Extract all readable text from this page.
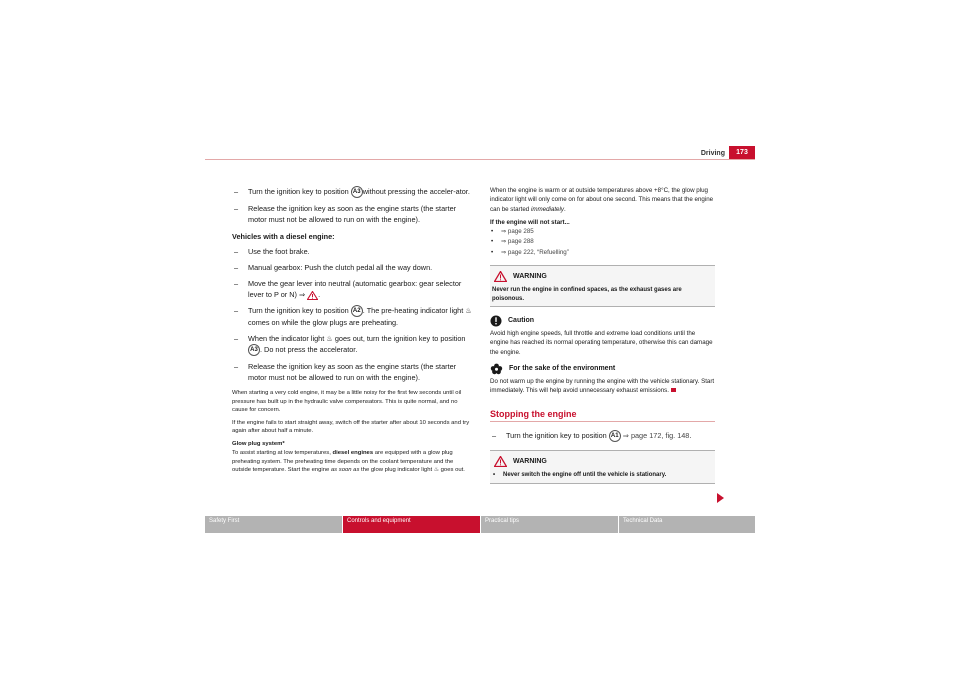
Driving	173
– Turn the ignition key to position A3 without pressing the acceler-ator.
– Release the ignition key as soon as the engine starts (the starter motor must not be allowed to run on with the engine).
Vehicles with a diesel engine:
– Use the foot brake.
– Manual gearbox: Push the clutch pedal all the way down.
– Move the gear lever into neutral (automatic gearbox: gear selector lever to P or N) ⇒ .
– Turn the ignition key to position A2 . The pre-heating indicator light ♨ comes on while the glow plugs are preheating.
– When the indicator light ♨ goes out, turn the ignition key to position A3 . Do not press the accelerator.
– Release the ignition key as soon as the engine starts (the starter motor must not be allowed to run on with the engine).

When starting a very cold engine, it may be a little noisy for the first few seconds until oil pressure has built up in the hydraulic valve compensators. This is quite normal, and no cause for concern.

If the engine fails to start straight away, switch off the starter after about 10 seconds and try again after about half a minute.

Glow plug system*

To assist starting at low temperatures, diesel engines are equipped with a glow plug preheating system. The preheating time depends on the coolant temperature and the outside temperature. Start the engine as soon as the glow plug indicator light ♨ goes out.

When the engine is warm or at outside temperatures above +8°C, the glow plug indicator light will only come on for about one second. This means that the engine can be started immediately.
If the engine will not start...
• ⇒ page 285
• ⇒ page 288
• ⇒ page 222, “Refuelling”
WARNING
Never run the engine in confined spaces, as the exhaust gases are poisonous.
Caution
Avoid high engine speeds, full throttle and extreme load conditions until the engine has reached its normal operating temperature, otherwise this can damage the engine.
For the sake of the environment
Do not warm up the engine by running the engine with the vehicle stationary. Start immediately. This will help avoid unnecessary exhaust emissions.
Stopping the engine
– Turn the ignition key to position A1 ⇒ page 172, fig. 148.
WARNING
• Never switch the engine off until the vehicle is stationary.
Safety First	Controls and equipment	Practical tips	Technical Data
